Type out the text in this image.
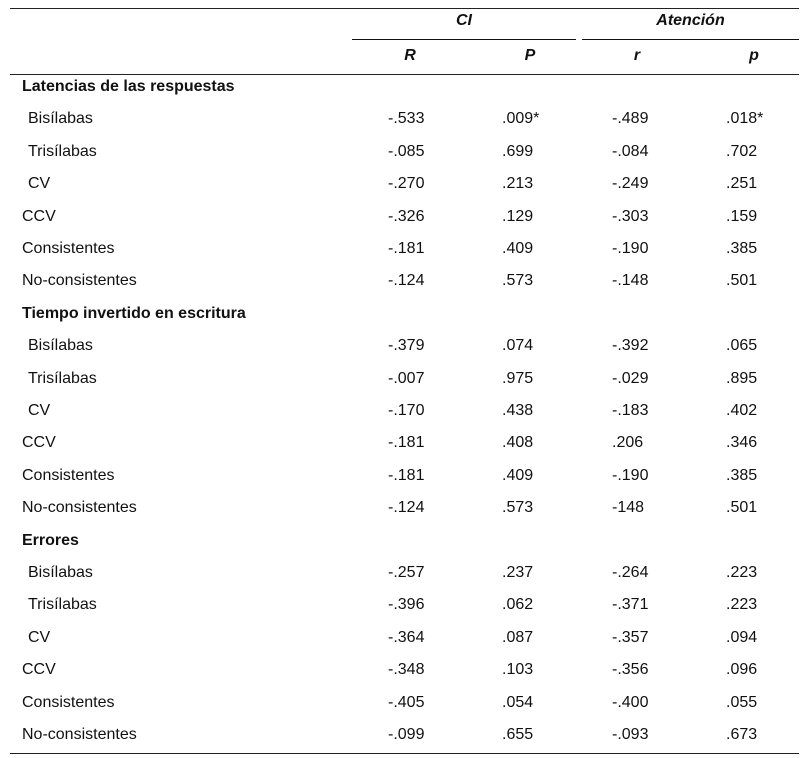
CI	Atención
R	P	r	p
Latencias de las respuestas
Bisílabas	-.533	.009*	-.489	.018*
Trisílabas	-.085	.699	-.084	.702
CV	-.270	.213	-.249	.251
CCV	-.326	.129	-.303	.159
Consistentes	-.181	.409	-.190	.385
No-consistentes	-.124	.573	-.148	.501
Tiempo invertido en escritura
Bisílabas	-.379	.074	-.392	.065
Trisílabas	-.007	.975	-.029	.895
CV	-.170	.438	-.183	.402
CCV	-.181	.408	.206	.346
Consistentes	-.181	.409	-.190	.385
No-consistentes	-.124	.573	-148	.501
Errores
Bisílabas	-.257	.237	-.264	.223
Trisílabas	-.396	.062	-.371	.223
CV	-.364	.087	-.357	.094
CCV	-.348	.103	-.356	.096
Consistentes	-.405	.054	-.400	.055
No-consistentes	-.099	.655	-.093	.673
